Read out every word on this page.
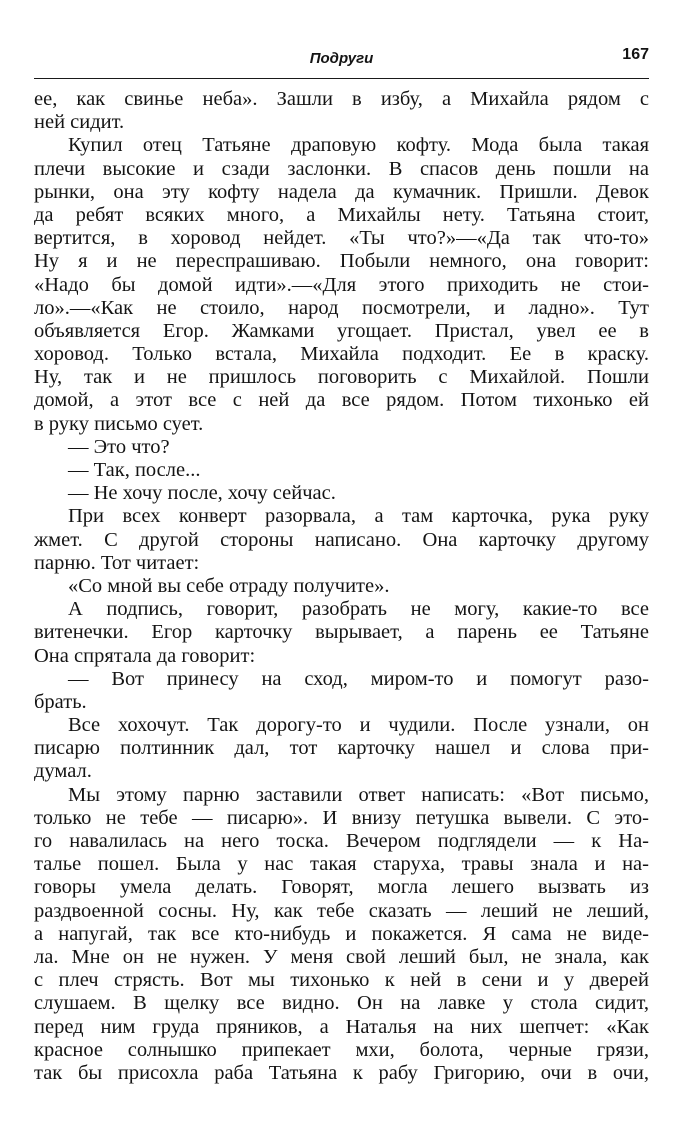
Подруги	167
ее, как свинье неба». Зашли в избу, а Михайла рядом с
ней сидит.
Купил отец Татьяне драповую кофту. Мода была такая
плечи высокие и сзади заслонки. В спасов день пошли на
рынки, она эту кофту надела да кумачник. Пришли. Девок
да ребят всяких много, а Михайлы нету. Татьяна стоит,
вертится, в хоровод нейдет. «Ты что?»—«Да так что-то»
Ну я и не переспрашиваю. Побыли немного, она говорит:
«Надо бы домой идти».—«Для этого приходить не стои-
ло».—«Как не стоило, народ посмотрели, и ладно». Тут
объявляется Егор. Жамками угощает. Пристал, увел ее в
хоровод. Только встала, Михайла подходит. Ее в краску.
Ну, так и не пришлось поговорить с Михайлой. Пошли
домой, а этот все с ней да все рядом. Потом тихонько ей
в руку письмо сует.
— Это что?
— Так, после...
— Не хочу после, хочу сейчас.
При всех конверт разорвала, а там карточка, рука руку
жмет. С другой стороны написано. Она карточку другому
парню. Тот читает:
«Со мной вы себе отраду получите».
А подпись, говорит, разобрать не могу, какие-то все
витенечки. Егор карточку вырывает, а парень ее Татьяне
Она спрятала да говорит:
— Вот принесу на сход, миром-то и помогут разо-
брать.
Все хохочут. Так дорогу-то и чудили. После узнали, он
писарю полтинник дал, тот карточку нашел и слова при-
думал.
Мы этому парню заставили ответ написать: «Вот письмо,
только не тебе — писарю». И внизу петушка вывели. С это-
го навалилась на него тоска. Вечером подглядели — к На-
талье пошел. Была у нас такая старуха, травы знала и на-
говоры умела делать. Говорят, могла лешего вызвать из
раздвоенной сосны. Ну, как тебе сказать — леший не леший,
а напугай, так все кто-нибудь и покажется. Я сама не виде-
ла. Мне он не нужен. У меня свой леший был, не знала, как
с плеч стрясть. Вот мы тихонько к ней в сени и у дверей
слушаем. В щелку все видно. Он на лавке у стола сидит,
перед ним груда пряников, а Наталья на них шепчет: «Как
красное солнышко припекает мхи, болота, черные грязи,
так бы присохла раба Татьяна к рабу Григорию, очи в очи,
